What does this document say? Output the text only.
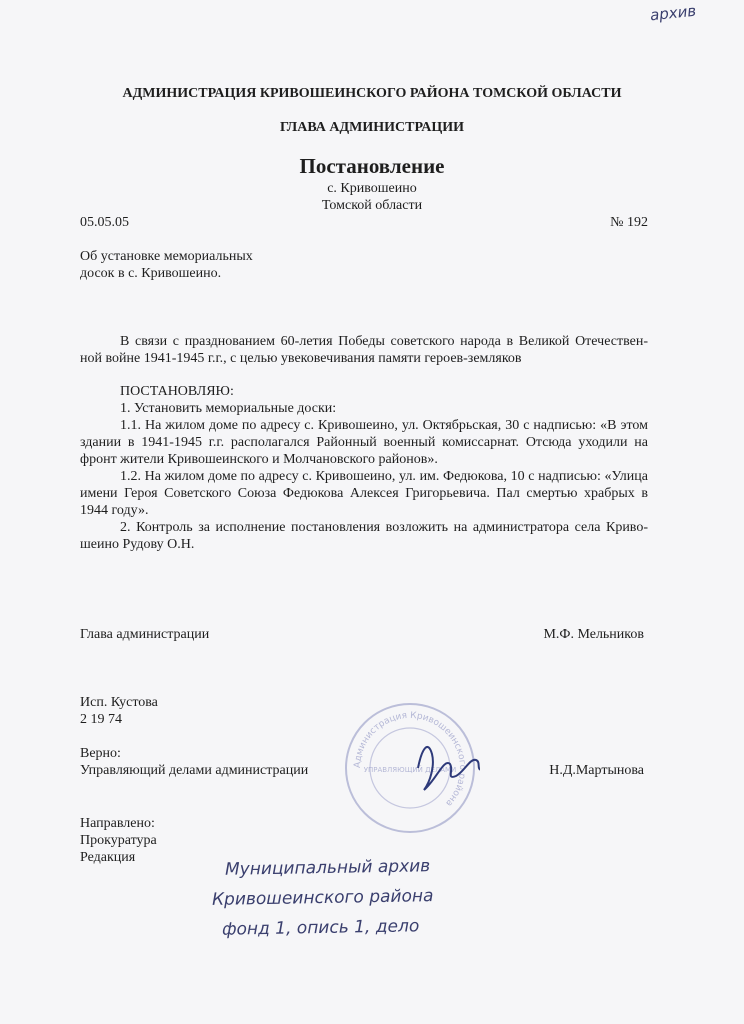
архив
АДМИНИСТРАЦИЯ КРИВОШЕИНСКОГО РАЙОНА ТОМСКОЙ ОБЛАСТИ
ГЛАВА АДМИНИСТРАЦИИ
Постановление
с. Кривошеино
Томской области
05.05.05	№ 192
Об установке мемориальных
досок в с. Кривошеино.
В связи с празднованием 60-летия Победы советского народа в Великой Отечествен-ной войне 1941-1945 г.г., с целью увековечивания памяти героев-земляков
ПОСТАНОВЛЯЮ:
1. Установить мемориальные доски:
1.1. На жилом доме по адресу с. Кривошеино, ул. Октябрьская, 30 с надписью: «В этом здании в 1941-1945 г.г. располагался Районный военный комиссарнат. Отсюда уходили на фронт жители Кривошеинского и Молчановского районов».
1.2. На жилом доме по адресу с. Кривошеино, ул. им. Федюкова, 10 с надписью: «Улица имени Героя Советского Союза Федюкова Алексея Григорьевича. Пал смертью храбрых в 1944 году».
2. Контроль за исполнение постановления возложить на администратора села Криво-шеино Рудову О.Н.
Глава администрации	М.Ф. Мельников
Исп. Кустова
2 19 74
Верно:
Управляющий делами администрации	Н.Д.Мартынова
Администрация Кривошеинского района
УПРАВЛЯЮЩИЙ ДЕЛАМИ
Направлено:
Прокуратура
Редакция	Муниципальный архив
Кривошеинского района
фонд 1, опись 1, дело
